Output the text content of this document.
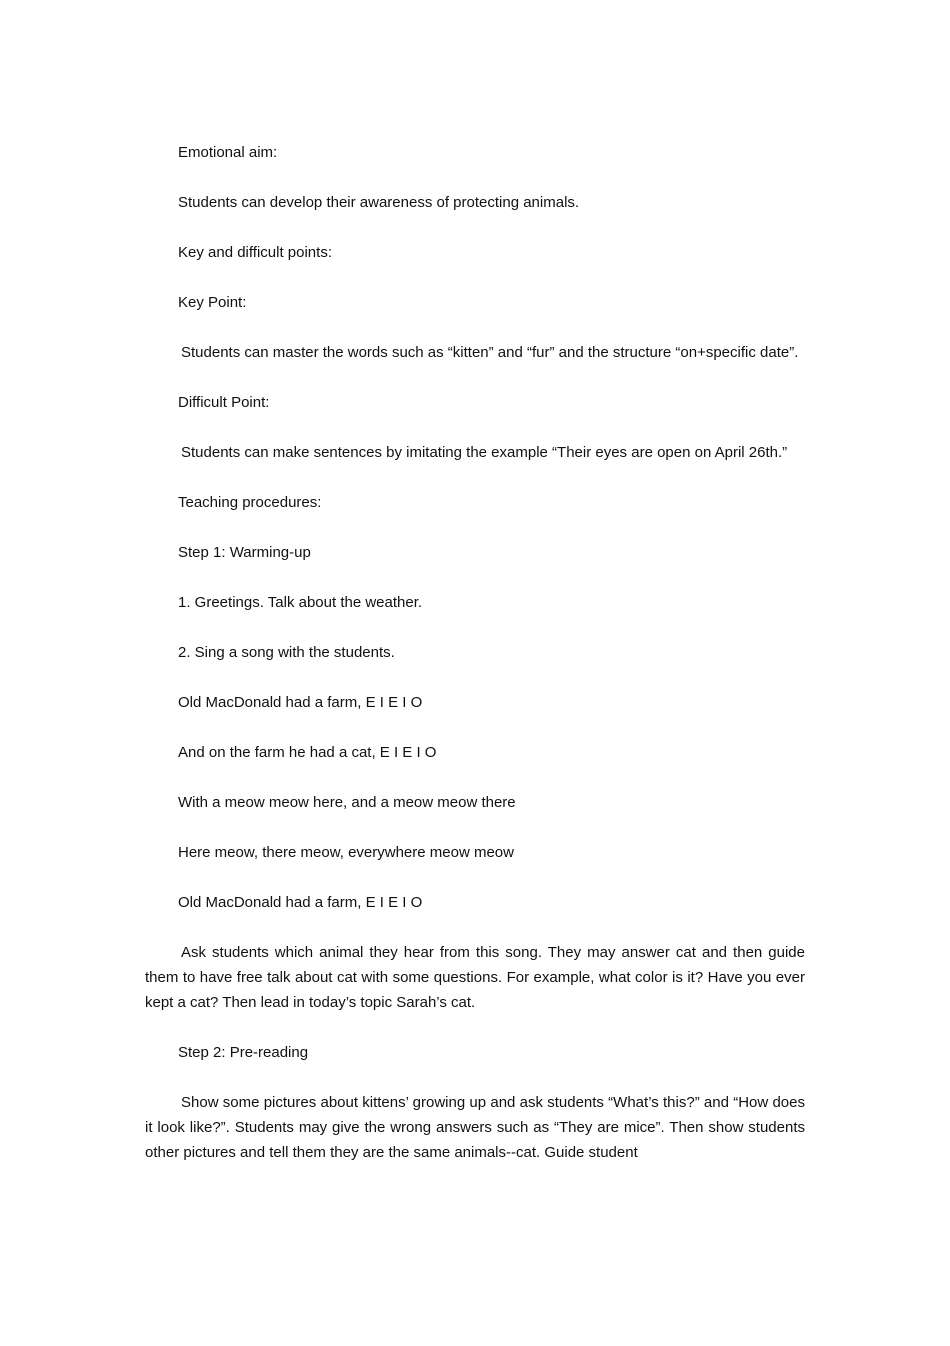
Emotional aim:

Students can develop their awareness of protecting animals.

Key and difficult points:

Key Point:

Students can master the words such as “kitten” and “fur” and the structure “on+specific date”.

Difficult Point:

Students can make sentences by imitating the example “Their eyes are open on April 26th.”

Teaching procedures:

Step 1: Warming-up

1. Greetings. Talk about the weather.

2. Sing a song with the students.

Old MacDonald had a farm, E I E I O

And on the farm he had a cat, E I E I O

With a meow meow here, and a meow meow there

Here meow, there meow, everywhere meow meow

Old MacDonald had a farm, E I E I O

Ask students which animal they hear from this song. They may answer cat and then guide them to have free talk about cat with some questions. For example, what color is it? Have you ever kept a cat? Then lead in today’s topic Sarah’s cat.

Step 2: Pre-reading

Show some pictures about kittens’ growing up and ask students “What’s this?” and “How does it look like?”. Students may give the wrong answers such as “They are mice”. Then show students other pictures and tell them they are the same animals--cat. Guide student
